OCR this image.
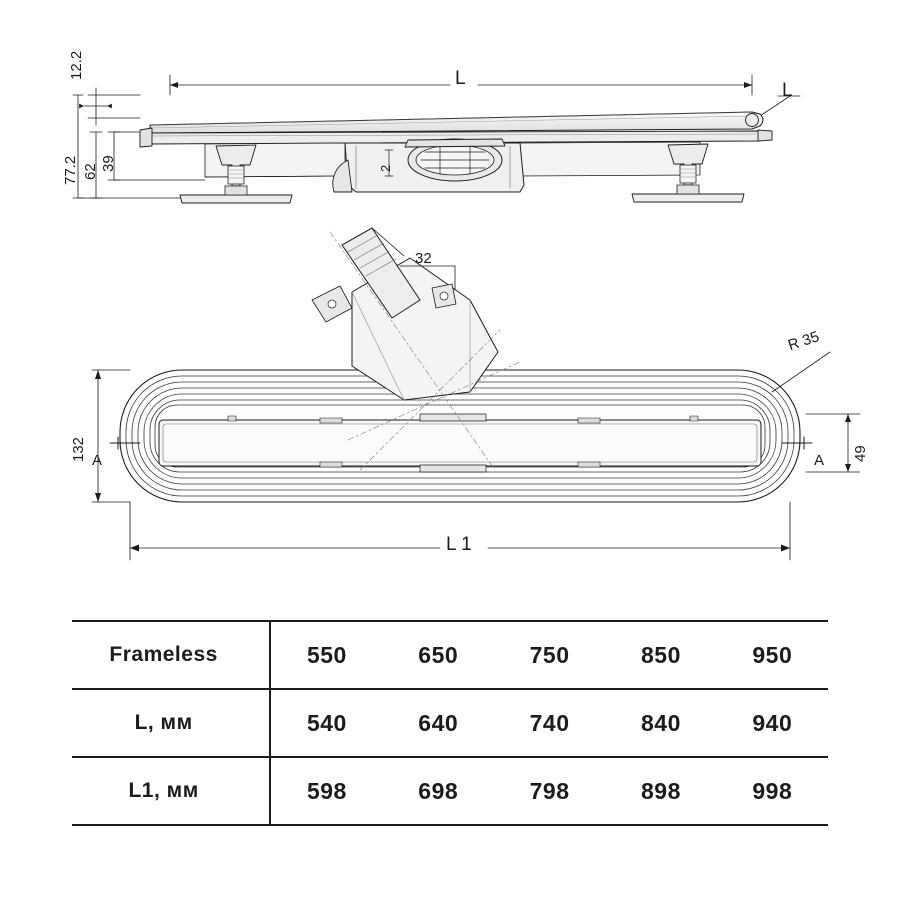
L
L
12.2
77.2 62 39	2
32
132	49
R 35
L 1
A	A
Frameless	550	650	750	850	950
L, мм	540	640	740	840	940
L1, мм	598	698	798	898	998
